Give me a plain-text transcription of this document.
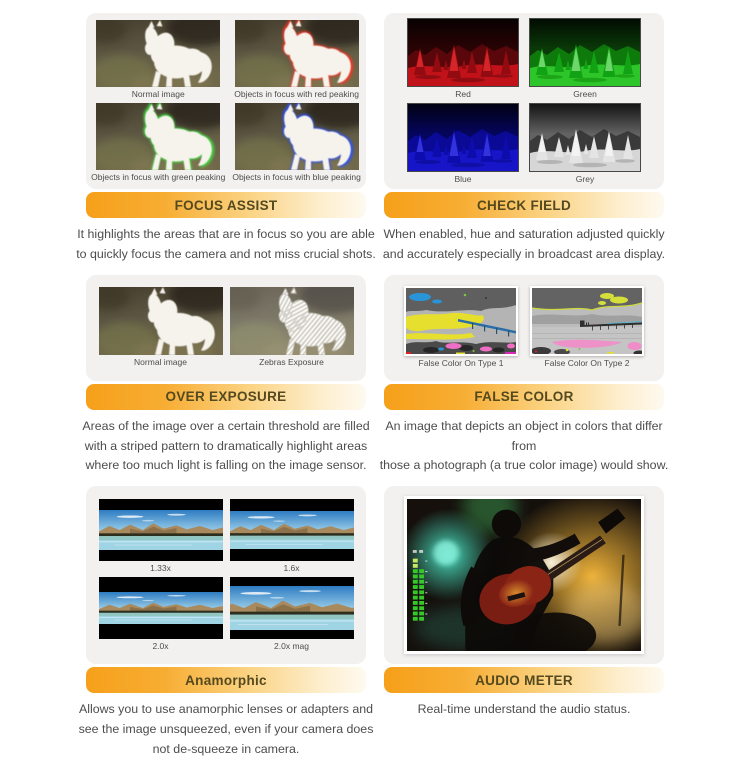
Normal image	Objects in focus with red peaking
Objects in focus with green peaking Objects in focus with blue peaking
FOCUS ASSIST
It highlights the areas that are in focus so you are able
to quickly focus the camera and not miss crucial shots.
Red	Green
Blue	Grey
CHECK FIELD
When enabled, hue and saturation adjusted quickly
and accurately especially in broadcast area display.
Normal image	Zebras Exposure
OVER EXPOSURE
Areas of the image over a certain threshold are filled
with a striped pattern to dramatically highlight areas
where too much light is falling on the image sensor.
False Color On Type 1	False Color On Type 2
FALSE COLOR
An image that depicts an object in colors that differ from
those a photograph (a true color image) would show.
1.33x	1.6x
2.0x	2.0x mag
Anamorphic
Allows you to use anamorphic lenses or adapters and
see the image unsqueezed, even if your camera does
not de-squeeze in camera.
AUDIO METER
Real-time understand the audio status.
